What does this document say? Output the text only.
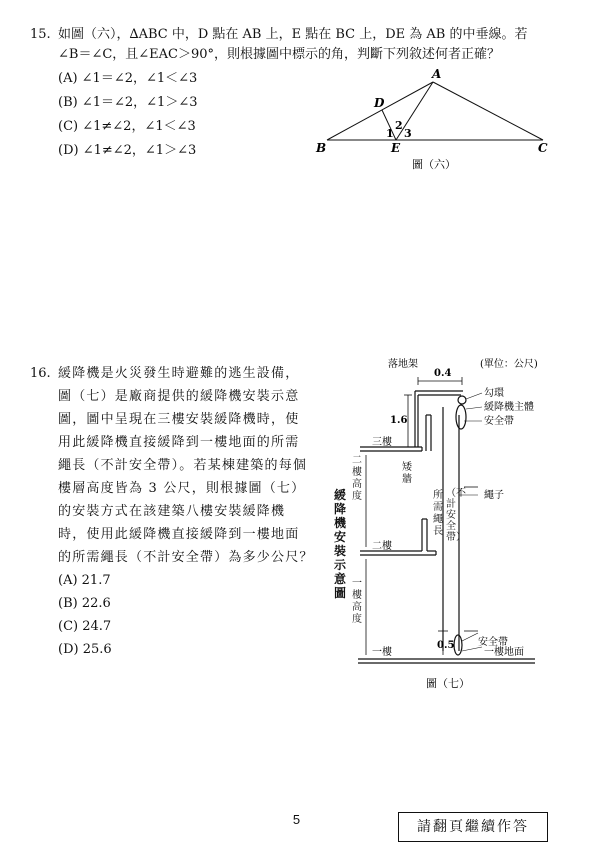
15. 如圖（六），∆ABC 中，D 點在 AB 上，E 點在 BC 上，DE 為 AB 的中垂線。若
∠B＝∠C，且∠EAC＞90°，則根據圖中標示的角，判斷下列敘述何者正確？
(A) ∠1＝∠2，∠1＜∠3
(B) ∠1＝∠2，∠1＞∠3
(C) ∠1≠∠2，∠1＜∠3
(D) ∠1≠∠2，∠1＞∠3
A
B	C
D
E
1
2
3
圖（六）
16. 緩降機是火災發生時避難的逃生設備，
圖（七）是廠商提供的緩降機安裝示意
圖，圖中呈現在三樓安裝緩降機時，使
用此緩降機直接緩降到一樓地面的所需
繩長（不計安全帶）。若某棟建築的每個
樓層高度皆為 3 公尺，則根據圖（七）
的安裝方式在該建築八樓安裝緩降機
時，使用此緩降機直接緩降到一樓地面
的所需繩長（不計安全帶）為多少公尺？
(A) 21.7
(B) 22.6
(C) 24.7
(D) 25.6
落地架	(單位：公尺)
0.4
勾環
緩降機主體
安全帶
1.6
三樓
繩子
二樓
安全帶
0.5
一樓	一樓地面
圖（七）
二樓高度
一樓高度
矮牆
所需繩長
（不計安全帶）
緩降機安裝示意圖
5	請翻頁繼續作答
